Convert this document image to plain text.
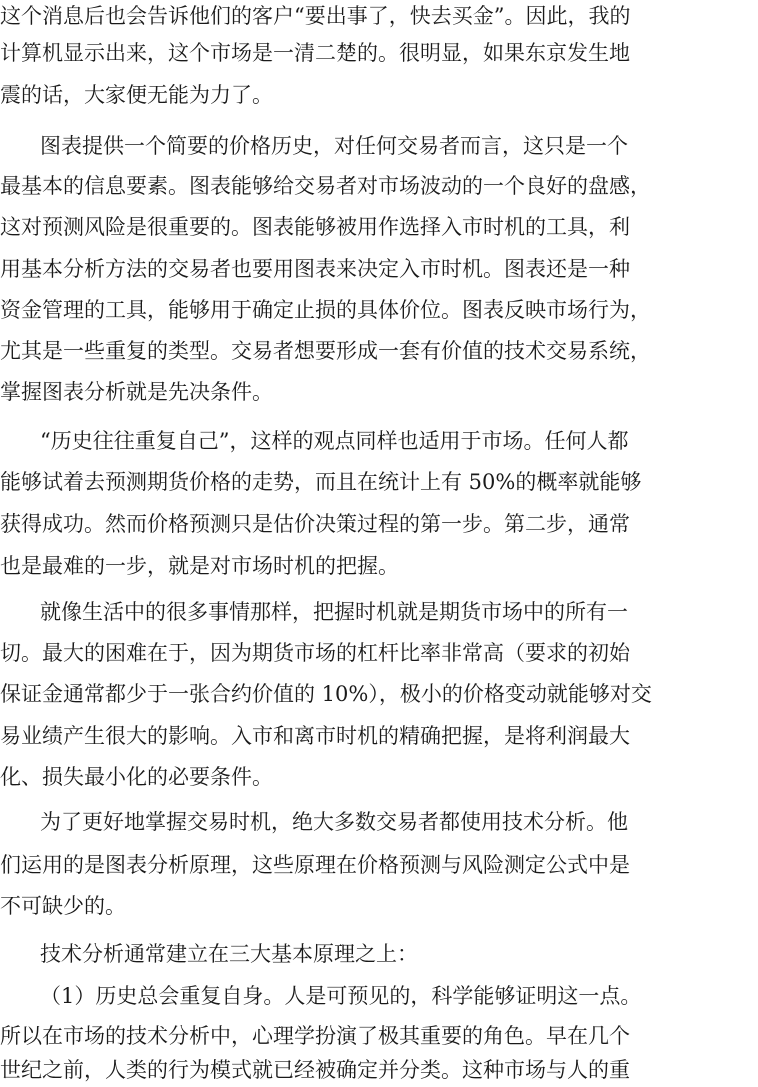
这个消息后也会告诉他们的客户“要出事了，快去买金”。因此，我的
计算机显示出来，这个市场是一清二楚的。很明显，如果东京发生地
震的话，大家便无能为力了。
图表提供一个简要的价格历史，对任何交易者而言，这只是一个
最基本的信息要素。图表能够给交易者对市场波动的一个良好的盘感，
这对预测风险是很重要的。图表能够被用作选择入市时机的工具，利
用基本分析方法的交易者也要用图表来决定入市时机。图表还是一种
资金管理的工具，能够用于确定止损的具体价位。图表反映市场行为，
尤其是一些重复的类型。交易者想要形成一套有价值的技术交易系统，
掌握图表分析就是先决条件。
“历史往往重复自己”，这样的观点同样也适用于市场。任何人都
能够试着去预测期货价格的走势，而且在统计上有 50%的概率就能够
获得成功。然而价格预测只是估价决策过程的第一步。第二步，通常
也是最难的一步，就是对市场时机的把握。
就像生活中的很多事情那样，把握时机就是期货市场中的所有一
切。最大的困难在于，因为期货市场的杠杆比率非常高（要求的初始
保证金通常都少于一张合约价值的 10%），极小的价格变动就能够对交
易业绩产生很大的影响。入市和离市时机的精确把握，是将利润最大
化、损失最小化的必要条件。
为了更好地掌握交易时机，绝大多数交易者都使用技术分析。他
们运用的是图表分析原理，这些原理在价格预测与风险测定公式中是
不可缺少的。
技术分析通常建立在三大基本原理之上：
（1）历史总会重复自身。人是可预见的，科学能够证明这一点。
所以在市场的技术分析中，心理学扮演了极其重要的角色。早在几个
世纪之前，人类的行为模式就已经被确定并分类。这种市场与人的重
